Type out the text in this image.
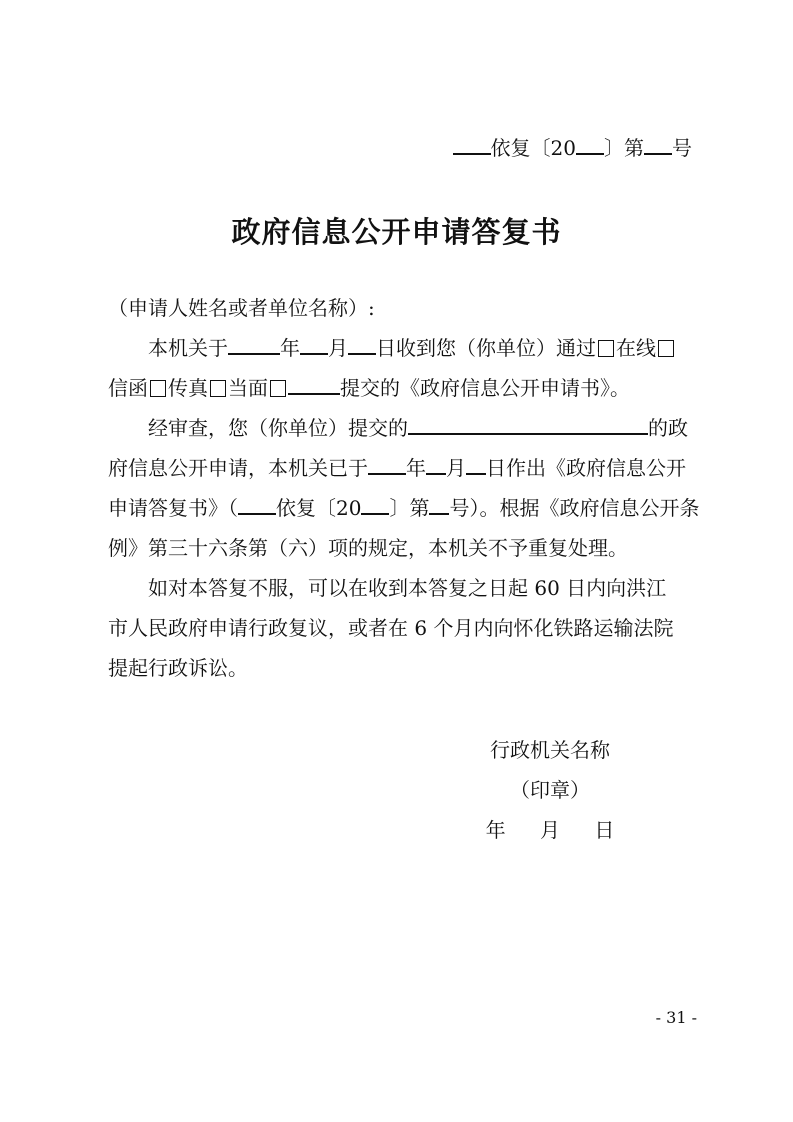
依复〔20 〕第 号
政府信息公开申请答复书
（申请人姓名或者单位名称）:
本机关于	年 月 日收到您（你单位）通过 在线
信函 传真 当面	提交的《政府信息公开申请书》。
经审查，您（你单位）提交的	的政
府信息公开申请，本机关已于 年 月 日作出《政府信息公开
申请答复书》（ 依复〔20 〕第 号）。根据《政府信息公开条
例》第三十六条第（六）项的规定，本机关不予重复处理。
如对本答复不服，可以在收到本答复之日起 60 日内向洪江
市人民政府申请行政复议，或者在 6 个月内向怀化铁路运输法院
提起行政诉讼。
行政机关名称
（印章）
年 月 日
- 31 -
